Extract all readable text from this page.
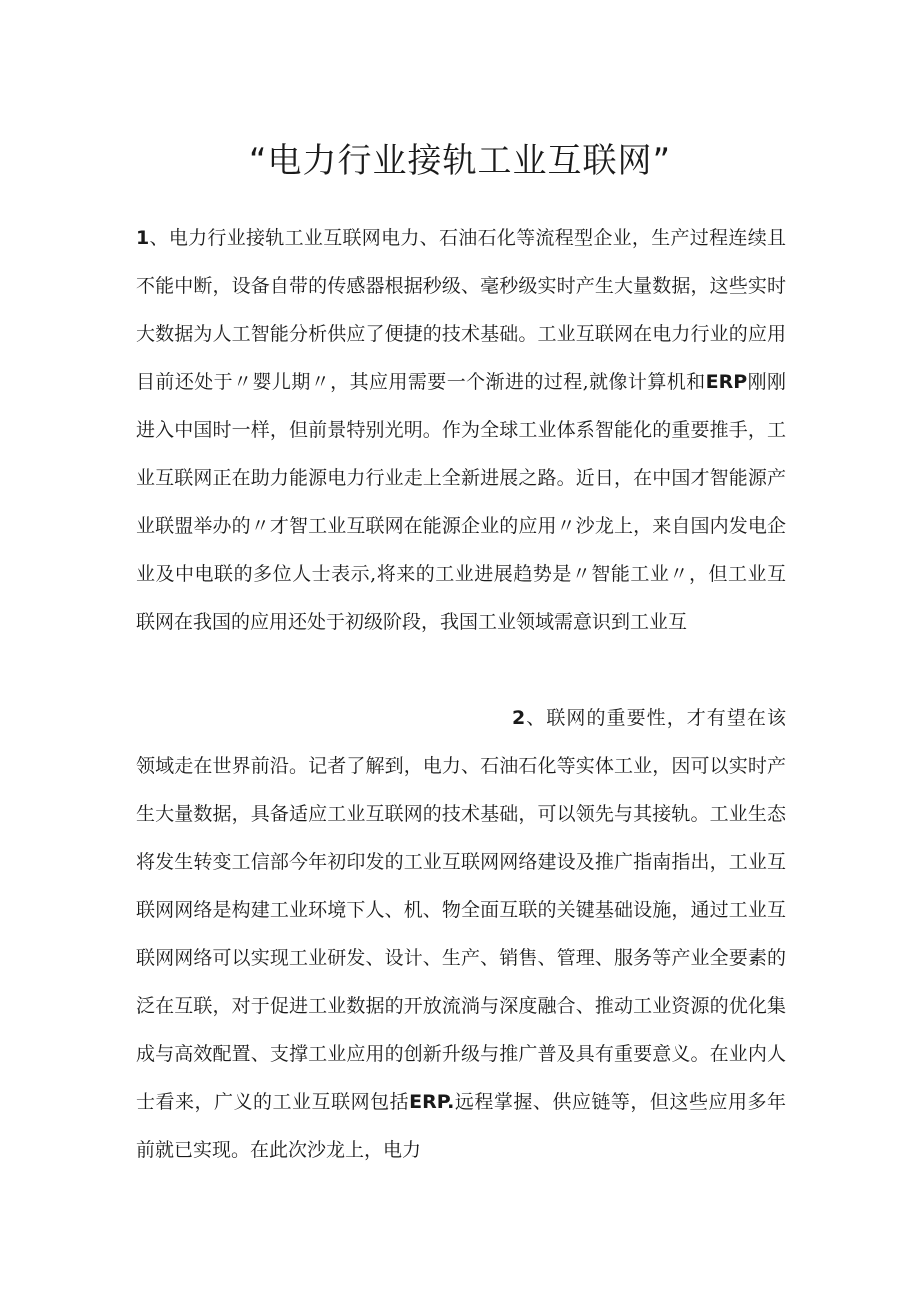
“电力行业接轨工业互联网”

1、电力行业接轨工业互联网电力、石油石化等流程型企业，生产过程连续且不能中断，设备自带的传感器根据秒级、毫秒级实时产生大量数据，这些实时大数据为人工智能分析供应了便捷的技术基础。工业互联网在电力行业的应用目前还处于〃婴儿期〃，其应用需要一个渐进的过程,就像计算机和ERP刚刚进入中国时一样，但前景特别光明。作为全球工业体系智能化的重要推手，工业互联网正在助力能源电力行业走上全新进展之路。近日，在中国才智能源产业联盟举办的〃才智工业互联网在能源企业的应用〃沙龙上，来自国内发电企业及中电联的多位人士表示,将来的工业进展趋势是〃智能工业〃，但工业互联网在我国的应用还处于初级阶段，我国工业领域需意识到工业互

2、联网的重要性，才有望在该领域走在世界前沿。记者了解到，电力、石油石化等实体工业，因可以实时产生大量数据，具备适应工业互联网的技术基础，可以领先与其接轨。工业生态将发生转变工信部今年初印发的工业互联网网络建设及推广指南指出，工业互联网网络是构建工业环境下人、机、物全面互联的关键基础设施，通过工业互联网网络可以实现工业研发、设计、生产、销售、管理、服务等产业全要素的泛在互联，对于促进工业数据的开放流淌与深度融合、推动工业资源的优化集成与高效配置、支撑工业应用的创新升级与推广普及具有重要意义。在业内人士看来，广义的工业互联网包括ERP.远程掌握、供应链等，但这些应用多年前就已实现。在此次沙龙上，电力
